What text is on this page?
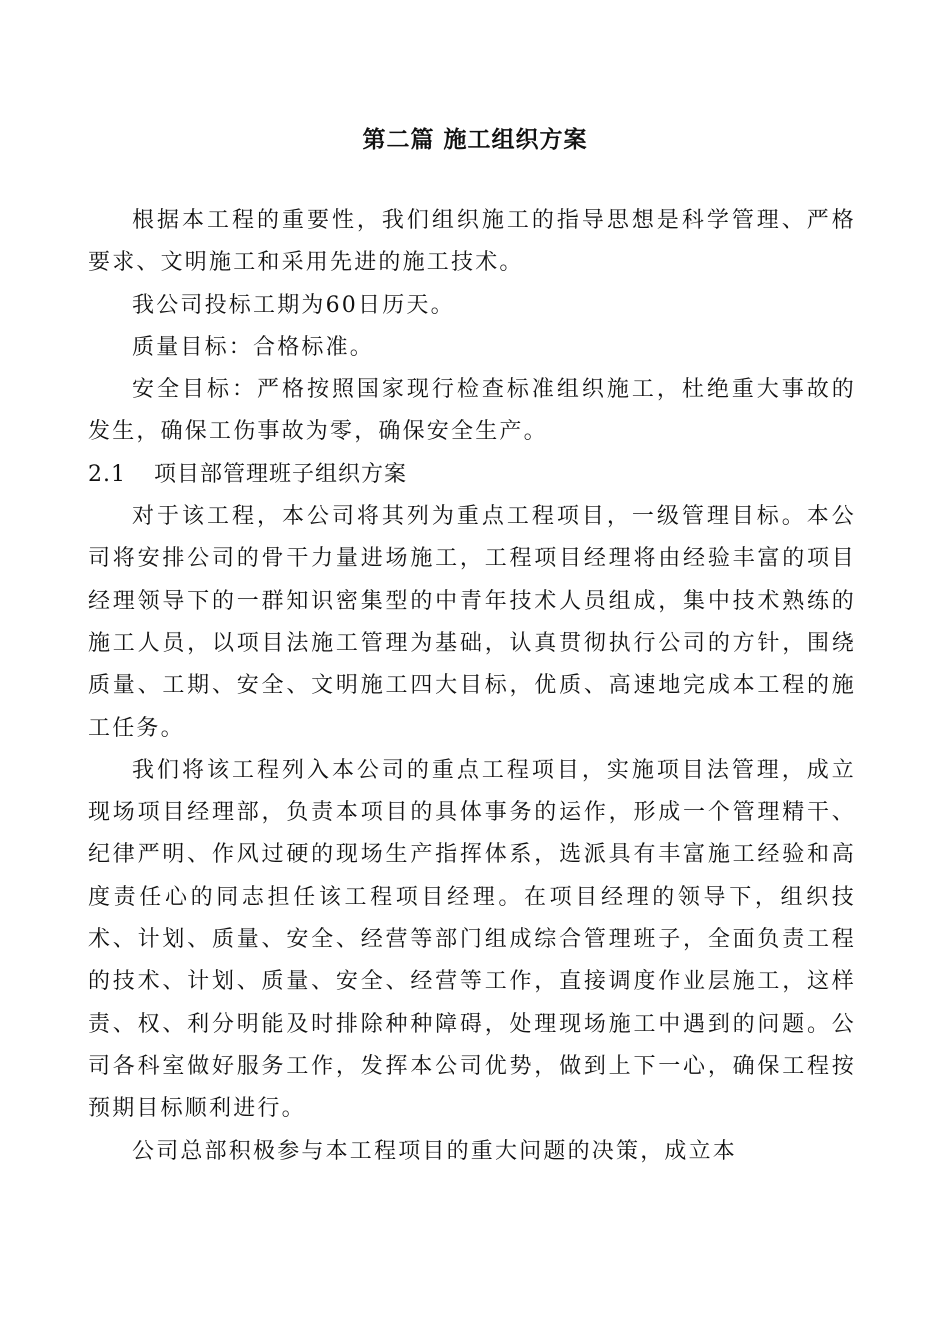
第二篇 施工组织方案

根据本工程的重要性，我们组织施工的指导思想是科学管理、严格要求、文明施工和采用先进的施工技术。

我公司投标工期为60日历天。

质量目标：合格标准。

安全目标：严格按照国家现行检查标准组织施工，杜绝重大事故的发生，确保工伤事故为零，确保安全生产。

2.1 项目部管理班子组织方案

对于该工程，本公司将其列为重点工程项目，一级管理目标。本公司将安排公司的骨干力量进场施工，工程项目经理将由经验丰富的项目经理领导下的一群知识密集型的中青年技术人员组成，集中技术熟练的施工人员，以项目法施工管理为基础，认真贯彻执行公司的方针，围绕质量、工期、安全、文明施工四大目标，优质、高速地完成本工程的施工任务。

我们将该工程列入本公司的重点工程项目，实施项目法管理，成立现场项目经理部，负责本项目的具体事务的运作，形成一个管理精干、纪律严明、作风过硬的现场生产指挥体系，选派具有丰富施工经验和高度责任心的同志担任该工程项目经理。在项目经理的领导下，组织技术、计划、质量、安全、经营等部门组成综合管理班子，全面负责工程的技术、计划、质量、安全、经营等工作，直接调度作业层施工，这样责、权、利分明能及时排除种种障碍，处理现场施工中遇到的问题。公司各科室做好服务工作，发挥本公司优势，做到上下一心，确保工程按预期目标顺利进行。

公司总部积极参与本工程项目的重大问题的决策，成立本
